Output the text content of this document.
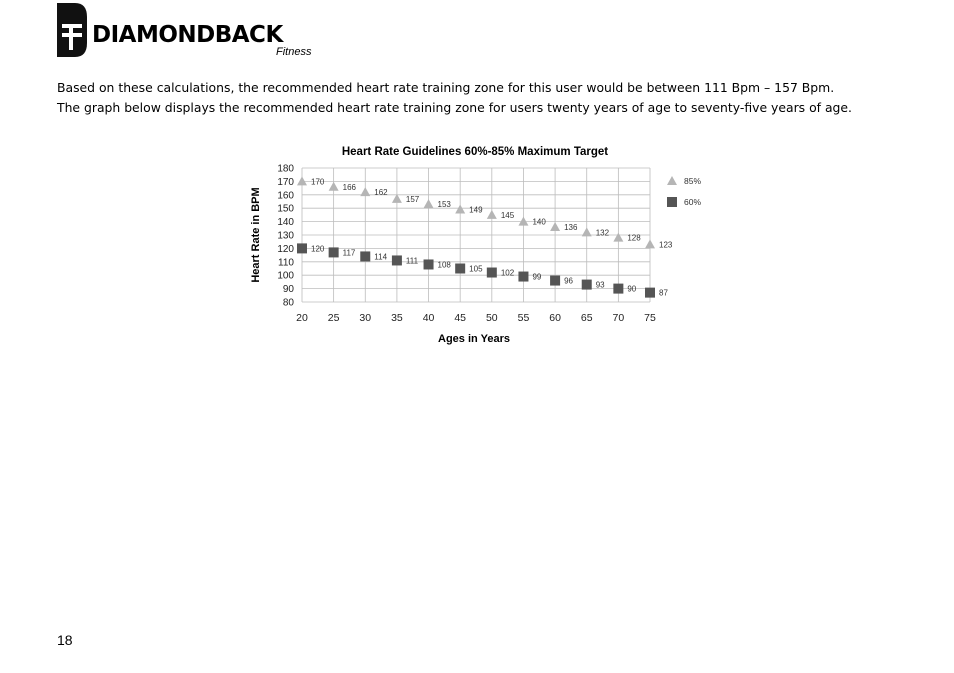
DIAMONDBACK
Fitness
Based on these calculations, the recommended heart rate training zone for this user would be between 111 Bpm – 157 Bpm.
The graph below displays the recommended heart rate training zone for users twenty years of age to seventy-five years of age.
Heart Rate Guidelines 60%-85% Maximum Target
Heart Rate in BPM
Ages in Years
80
90
100
110
120
130
140
150
160
170
180
20 25 30 35 40 45 50 55 60 65 70 75
170
166
162
157
153
149
145
140
136
132
128
123
120 117 114 111 108 105 102 99	96	93	90	87
85%
60%
18
